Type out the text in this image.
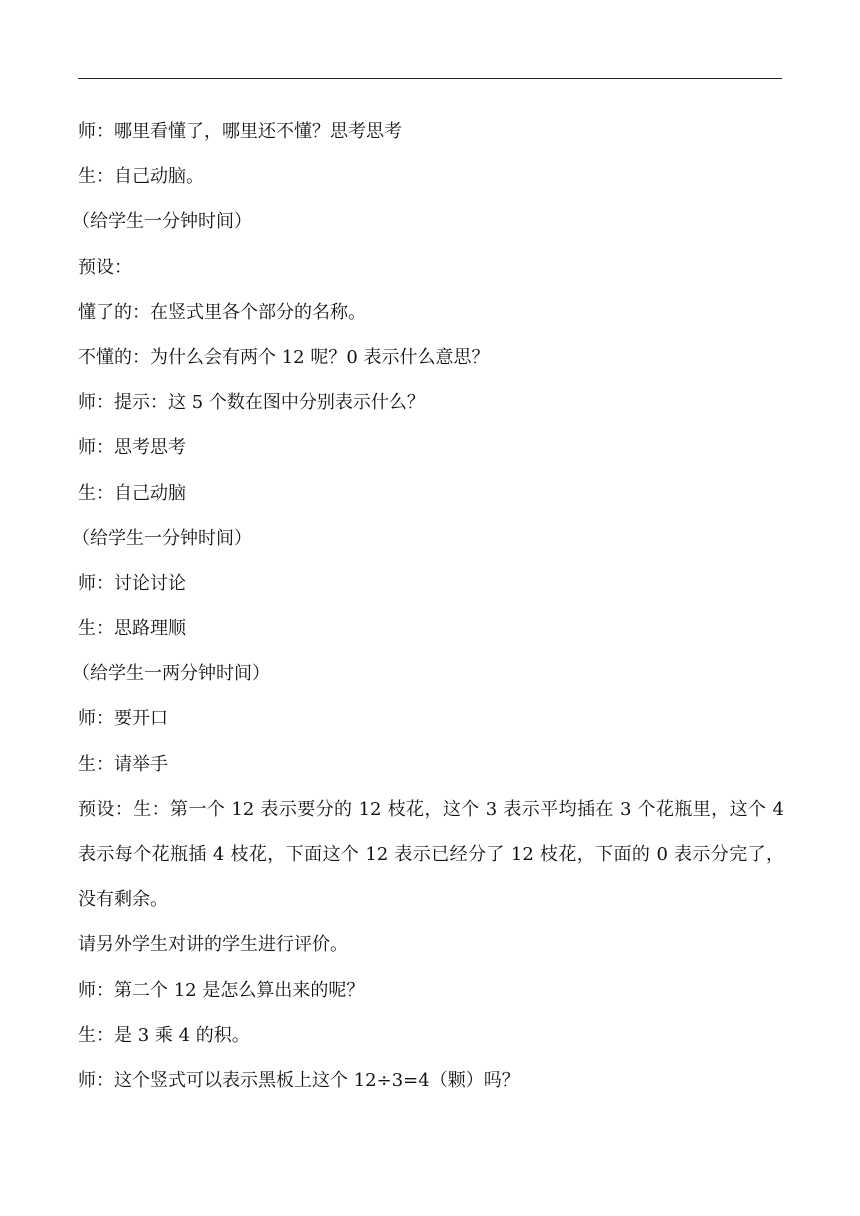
师：哪里看懂了，哪里还不懂？思考思考
生：自己动脑。
（给学生一分钟时间）
预设：
懂了的：在竖式里各个部分的名称。
不懂的：为什么会有两个 12 呢？0 表示什么意思？
师：提示：这 5 个数在图中分别表示什么？
师：思考思考
生：自己动脑
（给学生一分钟时间）
师：讨论讨论
生：思路理顺
（给学生一两分钟时间）
师：要开口
生：请举手
预设：生：第一个 12 表示要分的 12 枝花，这个 3 表示平均插在 3 个花瓶里，这个 4 表示每个花瓶插 4 枝花，下面这个 12 表示已经分了 12 枝花，下面的 0 表示分完了，没有剩余。
请另外学生对讲的学生进行评价。
师：第二个 12 是怎么算出来的呢？
生：是 3 乘 4 的积。
师：这个竖式可以表示黑板上这个 12÷3=4（颗）吗？
